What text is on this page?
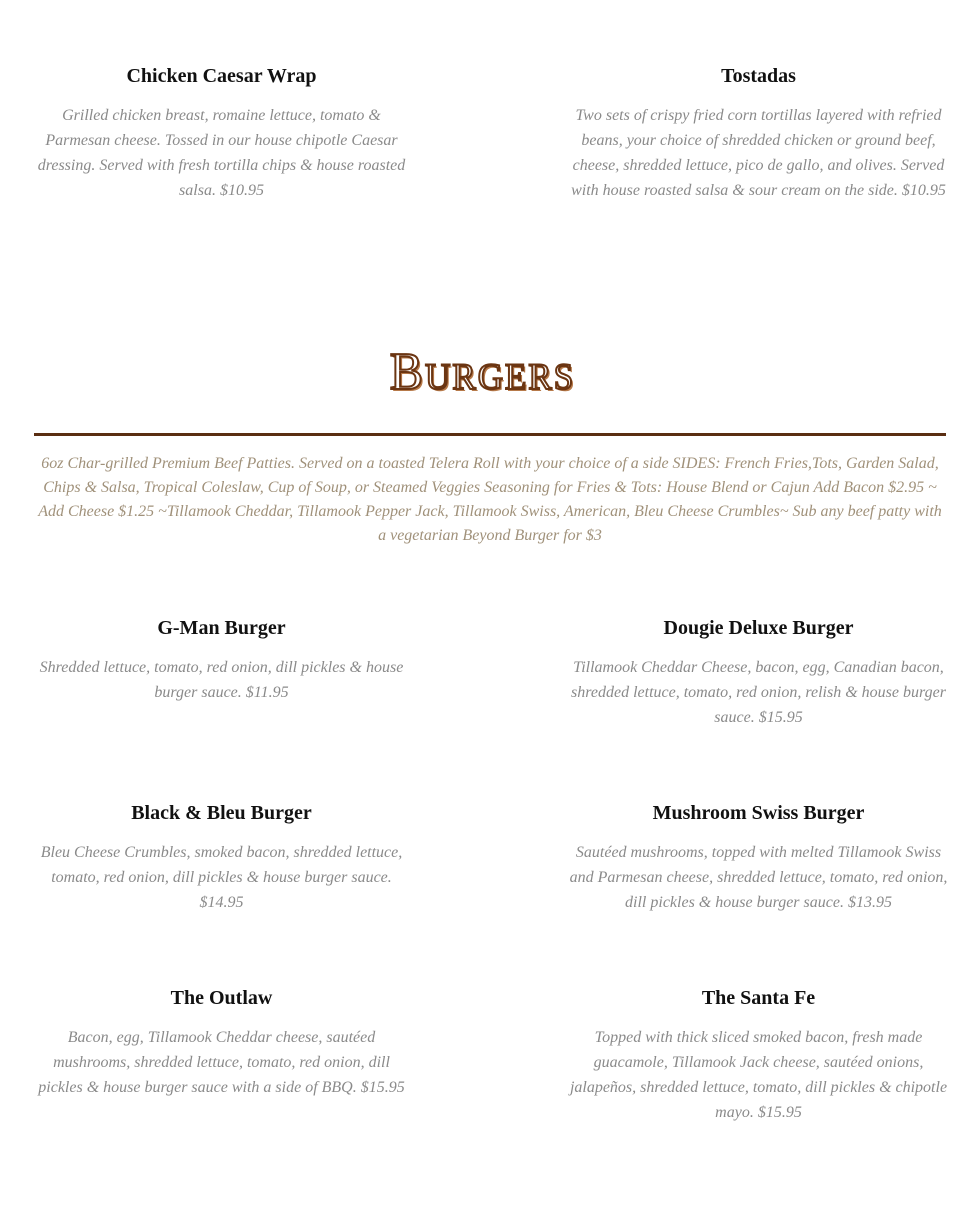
Chicken Caesar Wrap

Grilled chicken breast, romaine lettuce, tomato & Parmesan cheese. Tossed in our house chipotle Caesar dressing. Served with fresh tortilla chips & house roasted salsa. $10.95

Tostadas

Two sets of crispy fried corn tortillas layered with refried beans, your choice of shredded chicken or ground beef, cheese, shredded lettuce, pico de gallo, and olives. Served with house roasted salsa & sour cream on the side. $10.95

Burgers

6oz Char-grilled Premium Beef Patties. Served on a toasted Telera Roll with your choice of a side SIDES: French Fries,Tots, Garden Salad, Chips & Salsa, Tropical Coleslaw, Cup of Soup, or Steamed Veggies Seasoning for Fries & Tots: House Blend or Cajun Add Bacon $2.95 ~ Add Cheese $1.25 ~Tillamook Cheddar, Tillamook Pepper Jack, Tillamook Swiss, American, Bleu Cheese Crumbles~ Sub any beef patty with a vegetarian Beyond Burger for $3

G-Man Burger

Shredded lettuce, tomato, red onion, dill pickles & house burger sauce. $11.95

Dougie Deluxe Burger

Tillamook Cheddar Cheese, bacon, egg, Canadian bacon, shredded lettuce, tomato, red onion, relish & house burger sauce. $15.95

Black & Bleu Burger

Bleu Cheese Crumbles, smoked bacon, shredded lettuce, tomato, red onion, dill pickles & house burger sauce. $14.95

Mushroom Swiss Burger

Sautéed mushrooms, topped with melted Tillamook Swiss and Parmesan cheese, shredded lettuce, tomato, red onion, dill pickles & house burger sauce. $13.95

The Outlaw

Bacon, egg, Tillamook Cheddar cheese, sautéed mushrooms, shredded lettuce, tomato, red onion, dill pickles & house burger sauce with a side of BBQ. $15.95

The Santa Fe

Topped with thick sliced smoked bacon, fresh made guacamole, Tillamook Jack cheese, sautéed onions, jalapeños, shredded lettuce, tomato, dill pickles & chipotle mayo. $15.95
